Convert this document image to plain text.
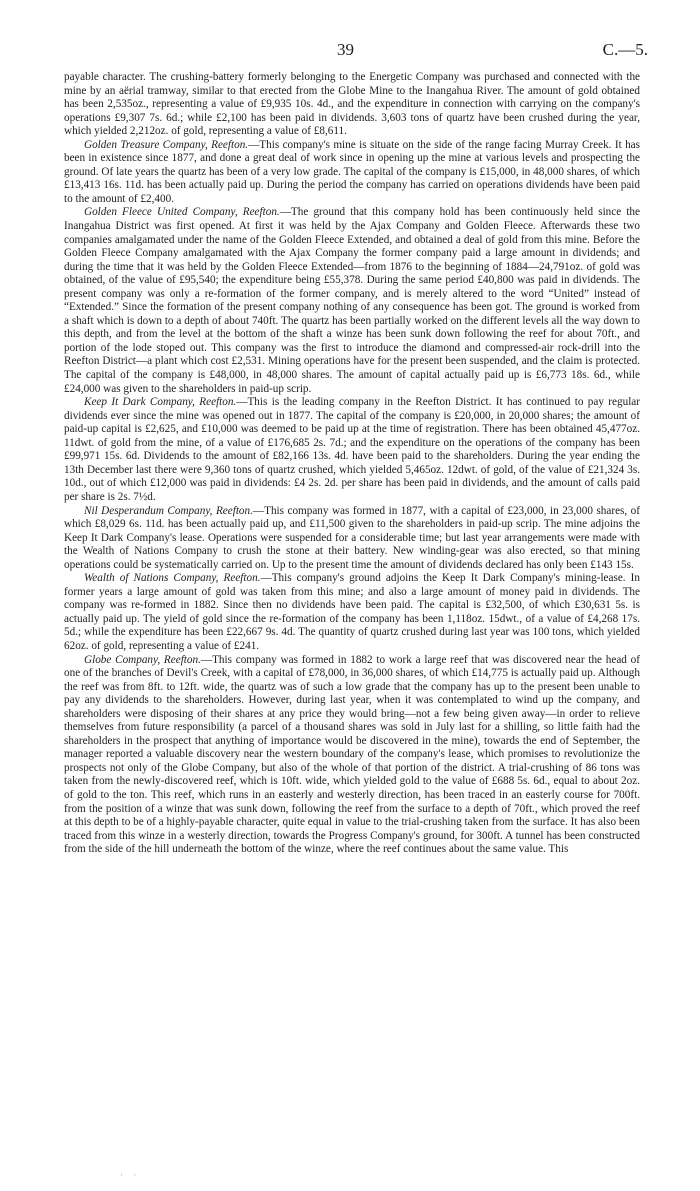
39	C.—5.

payable character. The crushing-battery formerly belonging to the Energetic Company was purchased and connected with the mine by an aërial tramway, similar to that erected from the Globe Mine to the Inangahua River. The amount of gold obtained has been 2,535oz., representing a value of £9,935 10s. 4d., and the expenditure in connection with carrying on the company's operations £9,307 7s. 6d.; while £2,100 has been paid in dividends. 3,603 tons of quartz have been crushed during the year, which yielded 2,212oz. of gold, representing a value of £8,611.

Golden Treasure Company, Reefton.—This company's mine is situate on the side of the range facing Murray Creek. It has been in existence since 1877, and done a great deal of work since in opening up the mine at various levels and prospecting the ground. Of late years the quartz has been of a very low grade. The capital of the company is £15,000, in 48,000 shares, of which £13,413 16s. 11d. has been actually paid up. During the period the company has carried on operations dividends have been paid to the amount of £2,400.

Golden Fleece United Company, Reefton.—The ground that this company hold has been continuously held since the Inangahua District was first opened. At first it was held by the Ajax Company and Golden Fleece. Afterwards these two companies amalgamated under the name of the Golden Fleece Extended, and obtained a deal of gold from this mine. Before the Golden Fleece Company amalgamated with the Ajax Company the former company paid a large amount in dividends; and during the time that it was held by the Golden Fleece Extended—from 1876 to the beginning of 1884—24,791oz. of gold was obtained, of the value of £95,540; the expenditure being £55,378. During the same period £40,800 was paid in dividends. The present company was only a re-formation of the former company, and is merely altered to the word “United” instead of “Extended.” Since the formation of the present company nothing of any consequence has been got. The ground is worked from a shaft which is down to a depth of about 740ft. The quartz has been partially worked on the different levels all the way down to this depth, and from the level at the bottom of the shaft a winze has been sunk down following the reef for about 70ft., and portion of the lode stoped out. This company was the first to introduce the diamond and compressed-air rock-drill into the Reefton District—a plant which cost £2,531. Mining operations have for the present been suspended, and the claim is protected. The capital of the company is £48,000, in 48,000 shares. The amount of capital actually paid up is £6,773 18s. 6d., while £24,000 was given to the shareholders in paid-up scrip.

Keep It Dark Company, Reefton.—This is the leading company in the Reefton District. It has continued to pay regular dividends ever since the mine was opened out in 1877. The capital of the company is £20,000, in 20,000 shares; the amount of paid-up capital is £2,625, and £10,000 was deemed to be paid up at the time of registration. There has been obtained 45,477oz. 11dwt. of gold from the mine, of a value of £176,685 2s. 7d.; and the expenditure on the operations of the company has been £99,971 15s. 6d. Dividends to the amount of £82,166 13s. 4d. have been paid to the shareholders. During the year ending the 13th December last there were 9,360 tons of quartz crushed, which yielded 5,465oz. 12dwt. of gold, of the value of £21,324 3s. 10d., out of which £12,000 was paid in dividends: £4 2s. 2d. per share has been paid in dividends, and the amount of calls paid per share is 2s. 7½d.

Nil Desperandum Company, Reefton.—This company was formed in 1877, with a capital of £23,000, in 23,000 shares, of which £8,029 6s. 11d. has been actually paid up, and £11,500 given to the shareholders in paid-up scrip. The mine adjoins the Keep It Dark Company's lease. Operations were suspended for a considerable time; but last year arrangements were made with the Wealth of Nations Company to crush the stone at their battery. New winding-gear was also erected, so that mining operations could be systematically carried on. Up to the present time the amount of dividends declared has only been £143 15s.

Wealth of Nations Company, Reefton.—This company's ground adjoins the Keep It Dark Company's mining-lease. In former years a large amount of gold was taken from this mine; and also a large amount of money paid in dividends. The company was re-formed in 1882. Since then no dividends have been paid. The capital is £32,500, of which £30,631 5s. is actually paid up. The yield of gold since the re-formation of the company has been 1,118oz. 15dwt., of a value of £4,268 17s. 5d.; while the expenditure has been £22,667 9s. 4d. The quantity of quartz crushed during last year was 100 tons, which yielded 62oz. of gold, representing a value of £241.

Globe Company, Reefton.—This company was formed in 1882 to work a large reef that was discovered near the head of one of the branches of Devil's Creek, with a capital of £78,000, in 36,000 shares, of which £14,775 is actually paid up. Although the reef was from 8ft. to 12ft. wide, the quartz was of such a low grade that the company has up to the present been unable to pay any dividends to the shareholders. However, during last year, when it was contemplated to wind up the company, and shareholders were disposing of their shares at any price they would bring—not a few being given away—in order to relieve themselves from future responsibility (a parcel of a thousand shares was sold in July last for a shilling, so little faith had the shareholders in the prospect that anything of importance would be discovered in the mine), towards the end of September, the manager reported a valuable discovery near the western boundary of the company's lease, which promises to revolutionize the prospects not only of the Globe Company, but also of the whole of that portion of the district. A trial-crushing of 86 tons was taken from the newly-discovered reef, which is 10ft. wide, which yielded gold to the value of £688 5s. 6d., equal to about 2oz. of gold to the ton. This reef, which runs in an easterly and westerly direction, has been traced in an easterly course for 700ft. from the position of a winze that was sunk down, following the reef from the surface to a depth of 70ft., which proved the reef at this depth to be of a highly-payable character, quite equal in value to the trial-crushing taken from the surface. It has also been traced from this winze in a westerly direction, towards the Progress Company's ground, for 300ft. A tunnel has been constructed from the side of the hill underneath the bottom of the winze, where the reef continues about the same value. This

· ·
